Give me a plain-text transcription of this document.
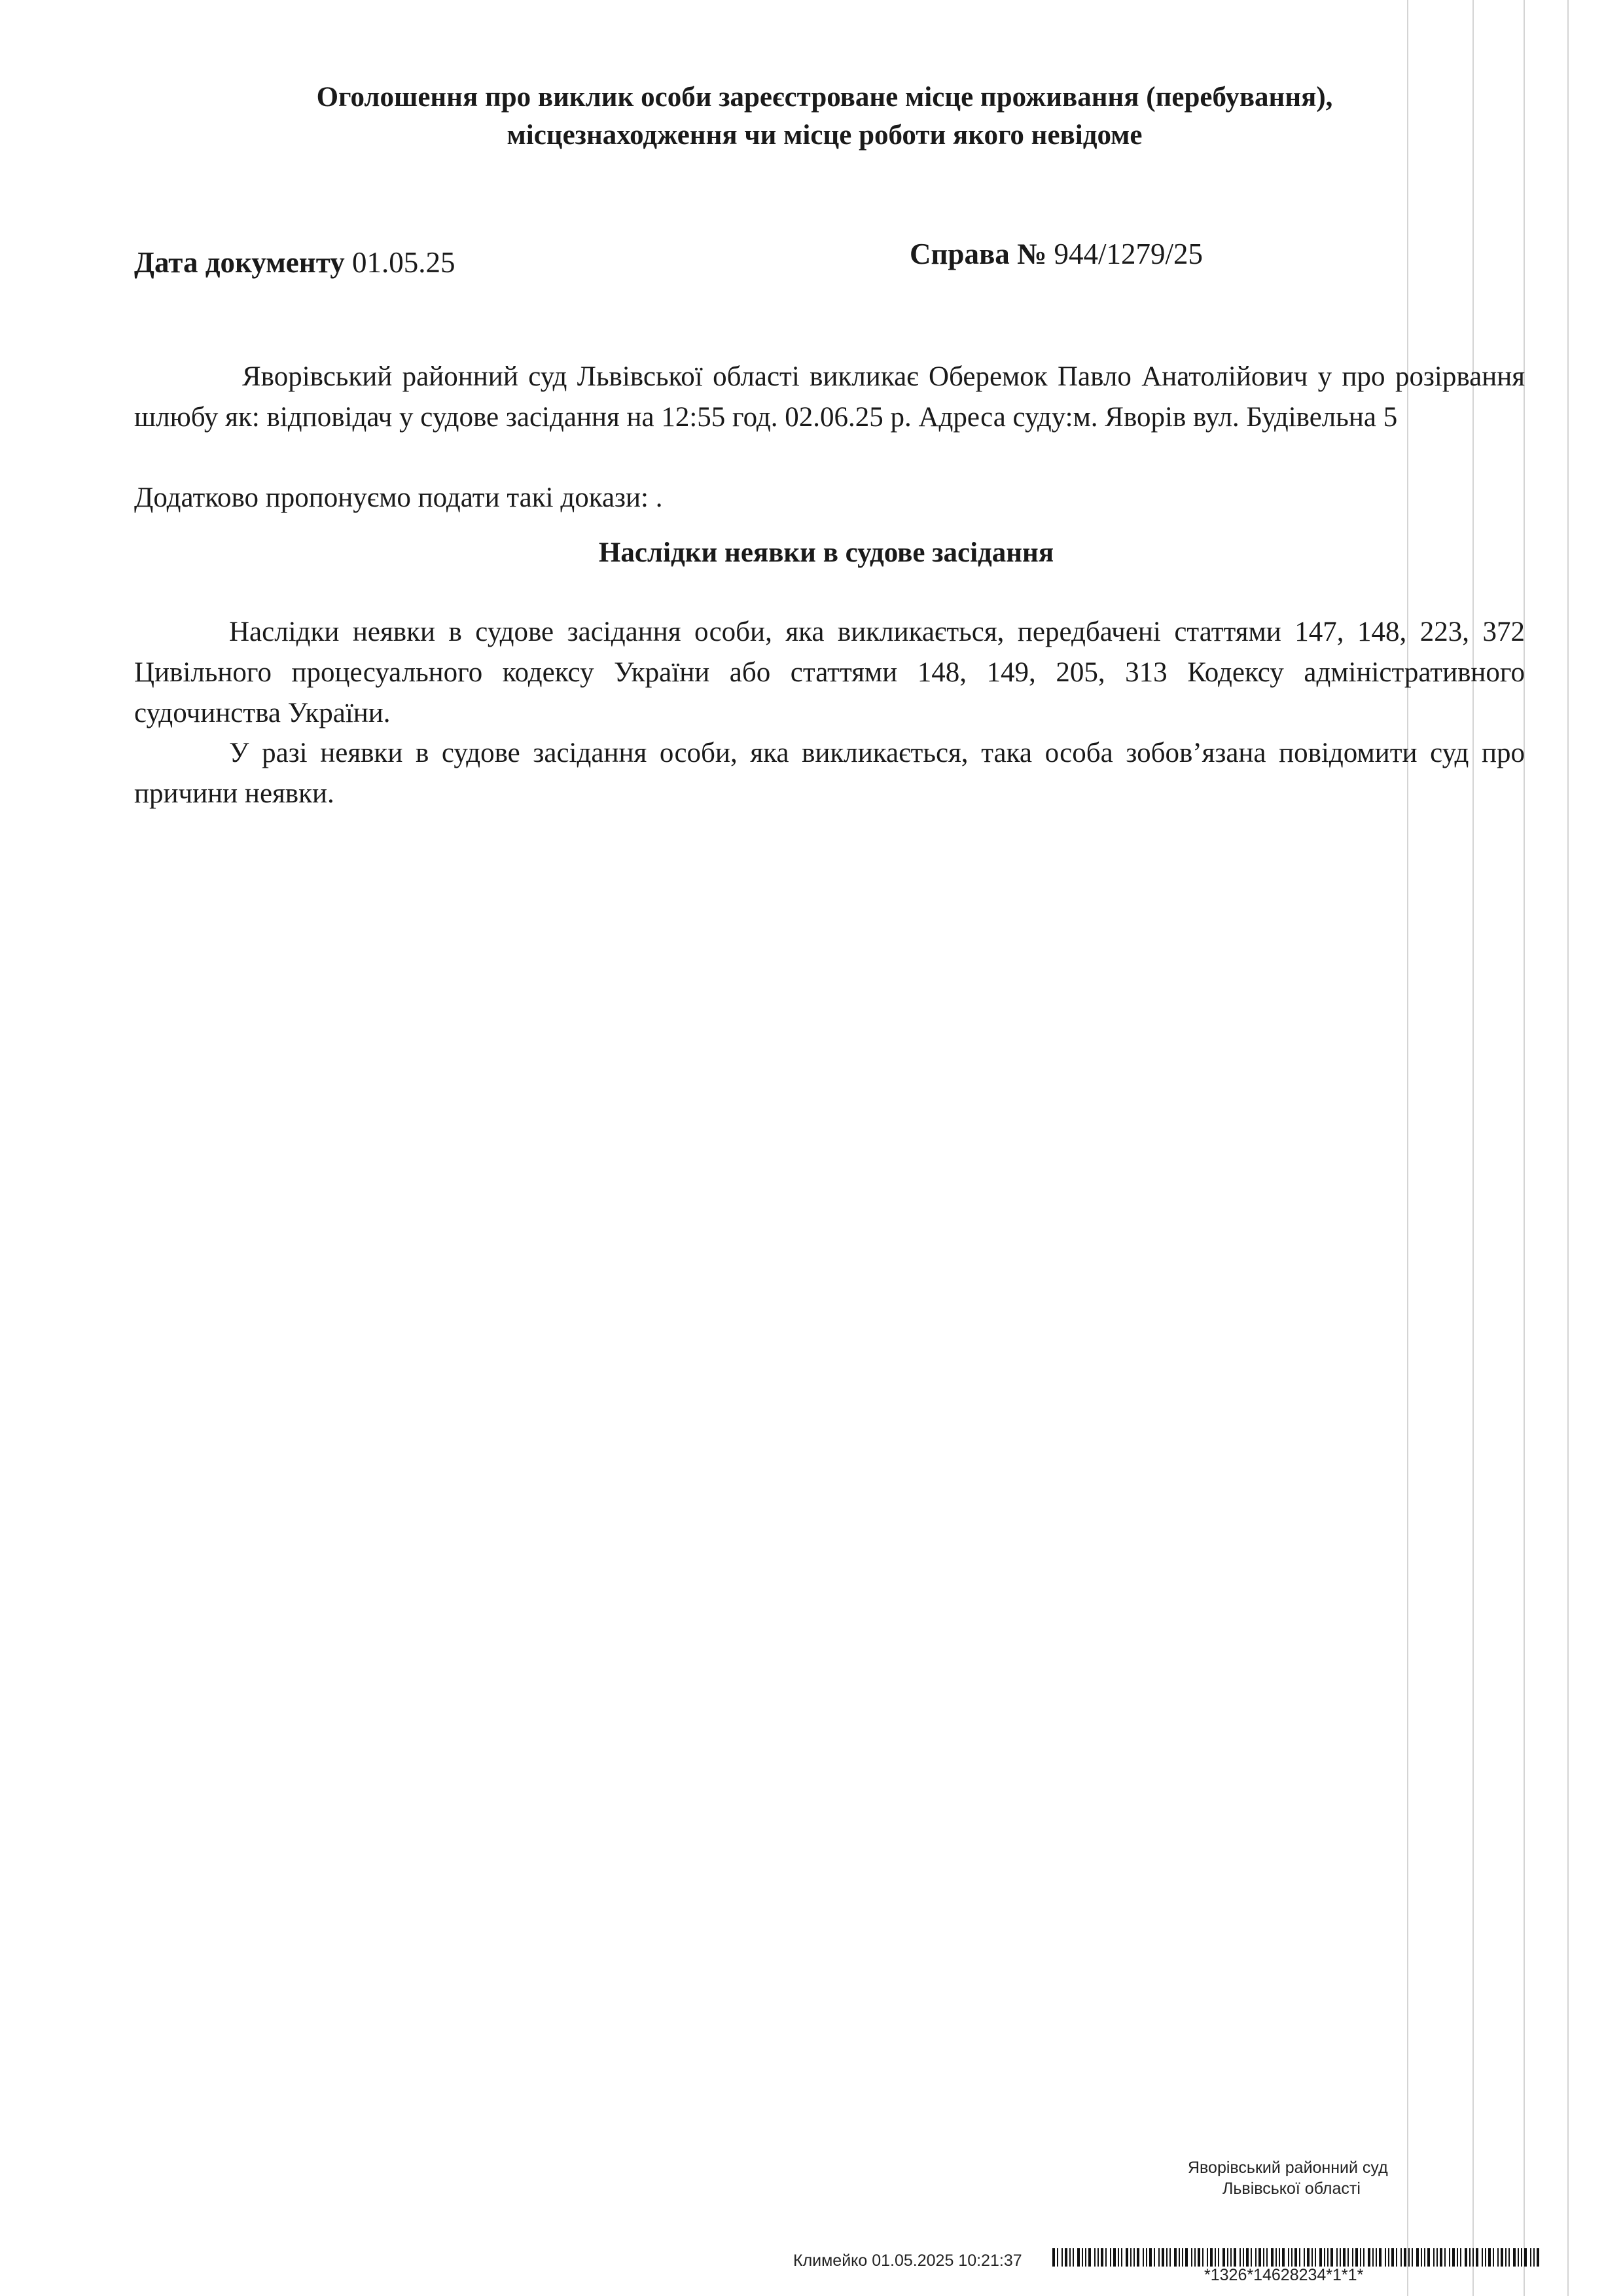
Оголошення про виклик особи зареєстроване місце проживання (перебування),
місцезнаходження чи місце роботи якого невідоме
Дата документу 01.05.25	Справа № 944/1279/25

Яворівський районний суд Львівської області викликає Оберемок Павло Анатолійович у про розірвання шлюбу як: відповідач у судове засідання на 12:55 год. 02.06.25 р. Адреса суду:м. Яворів вул. Будівельна 5

Додатково пропонуємо подати такі докази: .

Наслідки неявки в судове засідання

Наслідки неявки в судове засідання особи, яка викликається, передбачені статтями 147, 148, 223, 372 Цивільного процесуального кодексу України або статтями 148, 149, 205, 313 Кодексу адміністративного судочинства України.

У разі неявки в судове засідання особи, яка викликається, така особа зобов’язана повідомити суд про причини неявки.

Яворівський районний суд
Львівської області
Климейко 01.05.2025 10:21:37
*1326*14628234*1*1*
